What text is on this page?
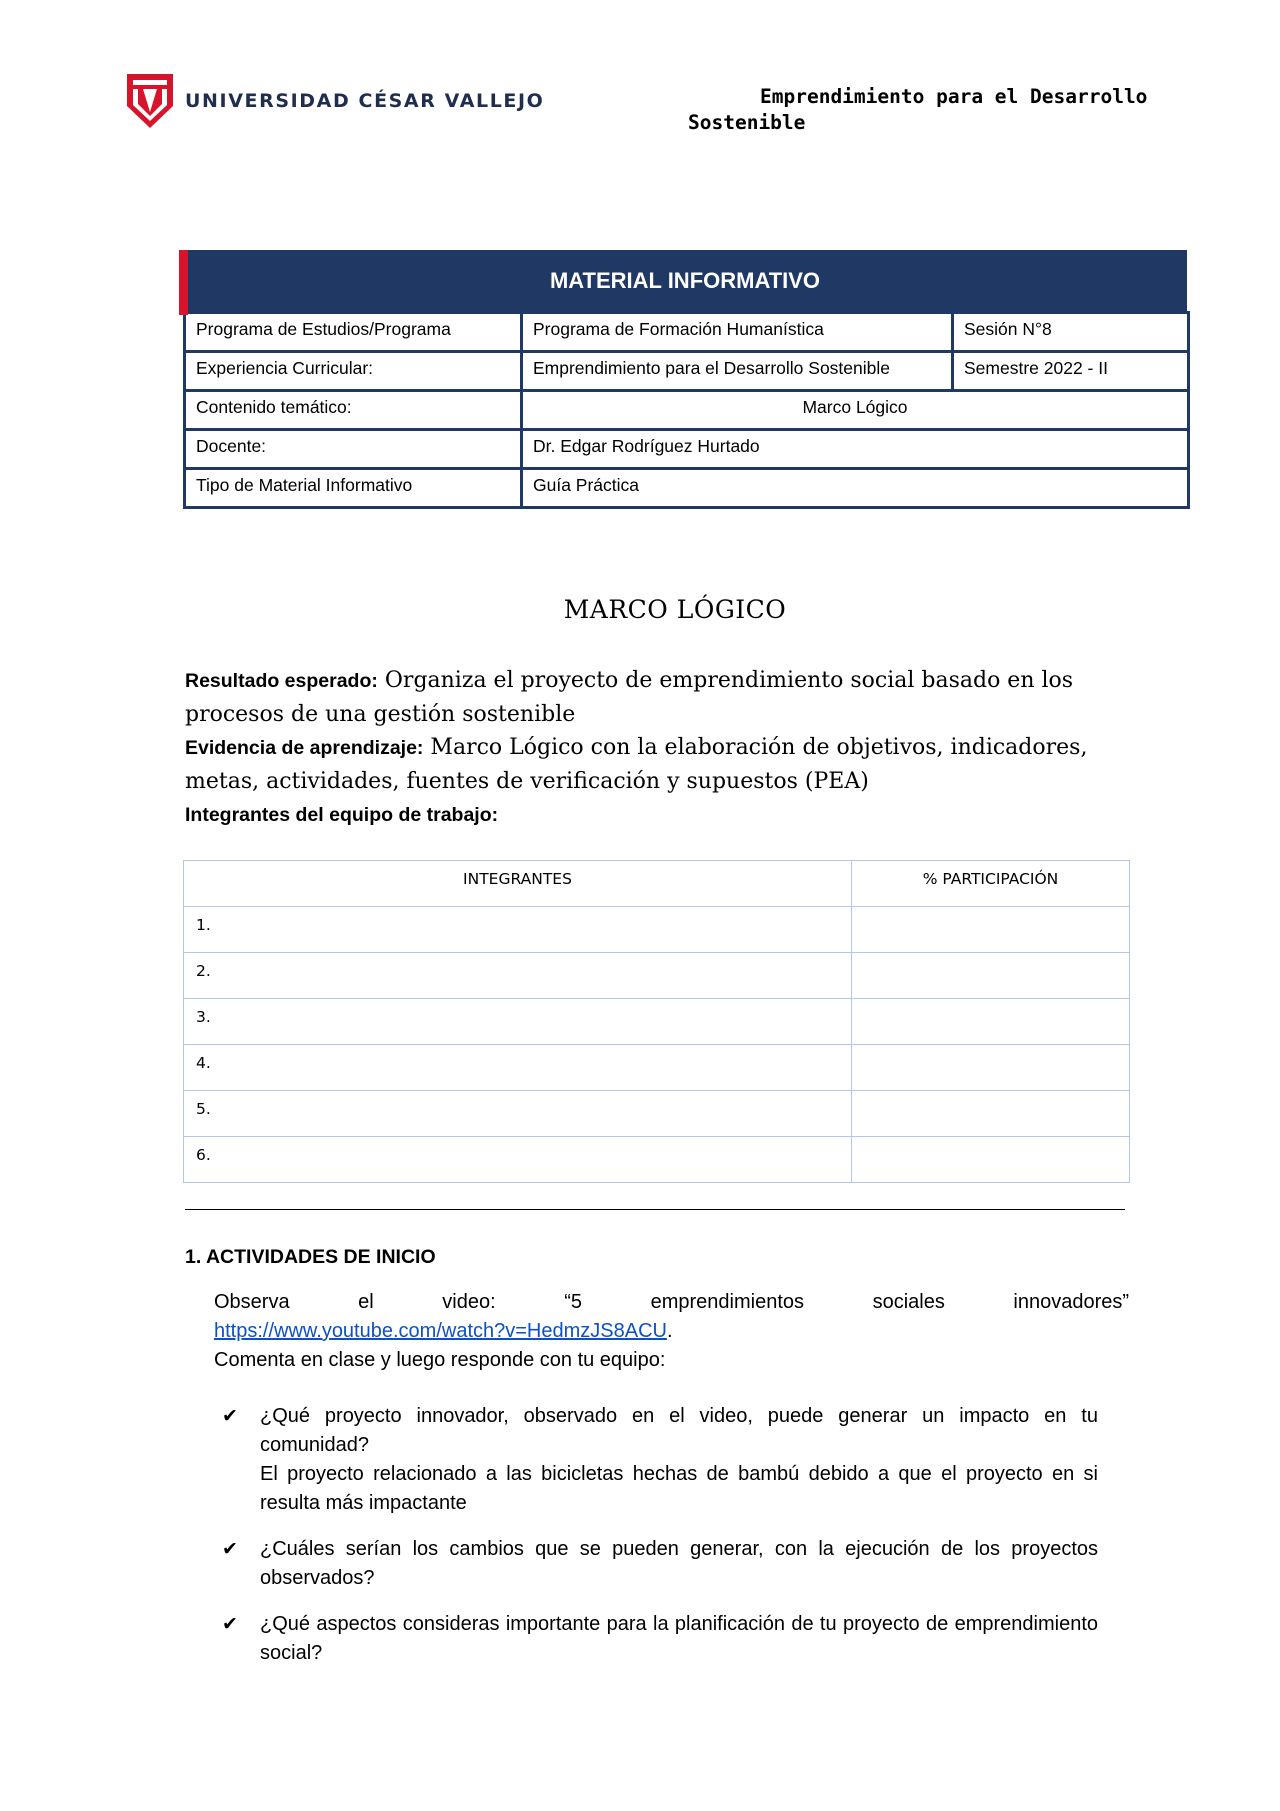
UNIVERSIDAD CÉSAR VALLEJO	Emprendimiento para el Desarrollo
Sostenible
MATERIAL INFORMATIVO
Programa de Estudios/Programa	Programa de Formación Humanística	Sesión N°8
Experiencia Curricular:	Emprendimiento para el Desarrollo Sostenible	Semestre 2022 - II
Contenido temático:	Marco Lógico	
Docente:	Dr. Edgar Rodríguez Hurtado	
Tipo de Material Informativo	Guía Práctica	
MARCO LÓGICO
Resultado esperado: Organiza el proyecto de emprendimiento social basado en los procesos de una gestión sostenible
Evidencia de aprendizaje: Marco Lógico con la elaboración de objetivos, indicadores, metas, actividades, fuentes de verificación y supuestos (PEA)
Integrantes del equipo de trabajo:
INTEGRANTES	% PARTICIPACIÓN
1.	
2.	
3.	
4.	
5.	
6.	
1. ACTIVIDADES DE INICIO
Observa	el	video:	“5	emprendimientos	sociales	innovadores”
https://www.youtube.com/watch?v=HedmzJS8ACU.
Comenta en clase y luego responde con tu equipo:
✔ ¿Qué proyecto innovador, observado en el video, puede generar un impacto en tu comunidad?
El proyecto relacionado a las bicicletas hechas de bambú debido a que el proyecto en si resulta más impactante
✔ ¿Cuáles serían los cambios que se pueden generar, con la ejecución de los proyectos observados?
✔ ¿Qué aspectos consideras importante para la planificación de tu proyecto de emprendimiento social?
